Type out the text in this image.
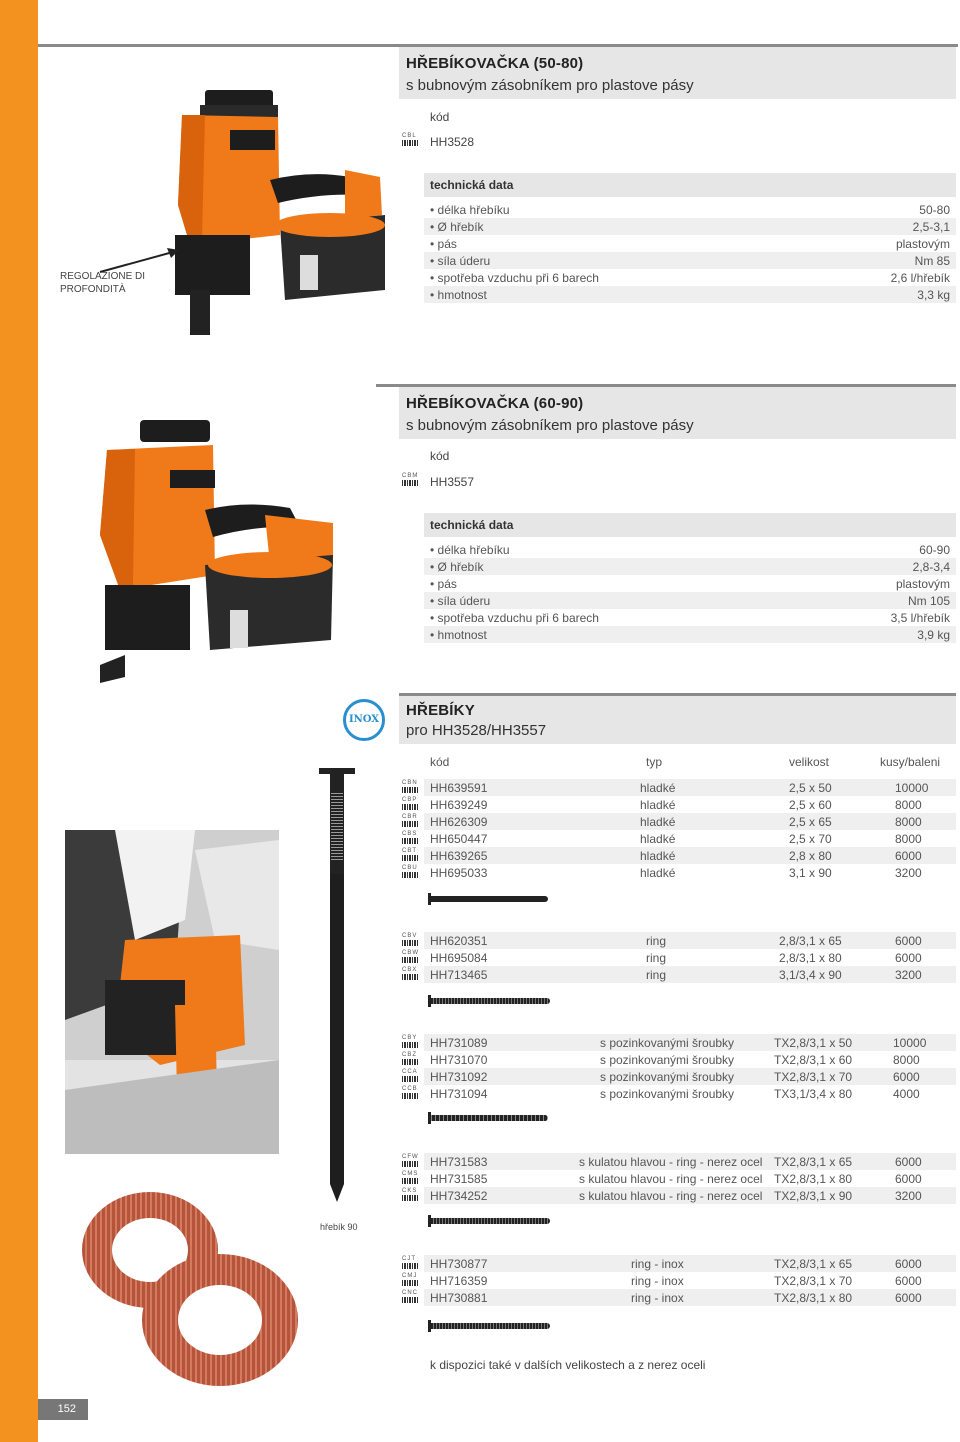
HŘEBÍKOVAČKA (50-80)
s bubnovým zásobníkem pro plastove pásy
kód
CBL HH3528
technická data
• délka hřebíku	50-80
• Ø hřebík	2,5-3,1
• pás	plastovým
• síla úderu	Nm 85
• spotřeba vzduchu při 6 barech	2,6 l/hřebík
• hmotnost	3,3 kg
REGOLAZIONE DI
PROFONDITÀ
HŘEBÍKOVAČKA (60-90)
s bubnovým zásobníkem pro plastove pásy
kód
CBM HH3557
technická data
• délka hřebíku	60-90
• Ø hřebík	2,8-3,4
• pás	plastovým
• síla úderu	Nm 105
• spotřeba vzduchu při 6 barech	3,5 l/hřebík
• hmotnost	3,9 kg
HŘEBÍKY
pro HH3528/HH3557
INOX
kód	typ	velikost	kusy/baleni
HH639591	hladké	2,5 x 50	10000
CBN
HH639249	hladké	2,5 x 60	8000
CBP
HH626309	hladké	2,5 x 65	8000
CBR
HH650447	hladké	2,5 x 70	8000
CBS
HH639265	hladké	2,8 x 80	6000
CBT
HH695033	hladké	3,1 x 90	3200
CBU
HH620351	ring	2,8/3,1 x 65	6000
CBV
HH695084	ring	2,8/3,1 x 80	6000
CBW
HH713465	ring	3,1/3,4 x 90	3200
CBX
HH731089	s pozinkovanými šroubky	TX2,8/3,1 x 50	10000
CBY
HH731070	s pozinkovanými šroubky	TX2,8/3,1 x 60	8000
CBZ
HH731092	s pozinkovanými šroubky	TX2,8/3,1 x 70	6000
CCA
HH731094	s pozinkovanými šroubky	TX3,1/3,4 x 80	4000
CCB
HH731583	s kulatou hlavou - ring - nerez ocel TX2,8/3,1 x 65	6000
CFW
HH731585	s kulatou hlavou - ring - nerez ocel TX2,8/3,1 x 80	6000
CMS
HH734252	s kulatou hlavou - ring - nerez ocel TX2,8/3,1 x 90	3200
CKS
HH730877	ring - inox	TX2,8/3,1 x 65	6000
CJT
HH716359	ring - inox	TX2,8/3,1 x 70	6000
CMJ
HH730881	ring - inox	TX2,8/3,1 x 80	6000
CNC
hřebík 90
k dispozici také v dalších velikostech a z nerez oceli
152
